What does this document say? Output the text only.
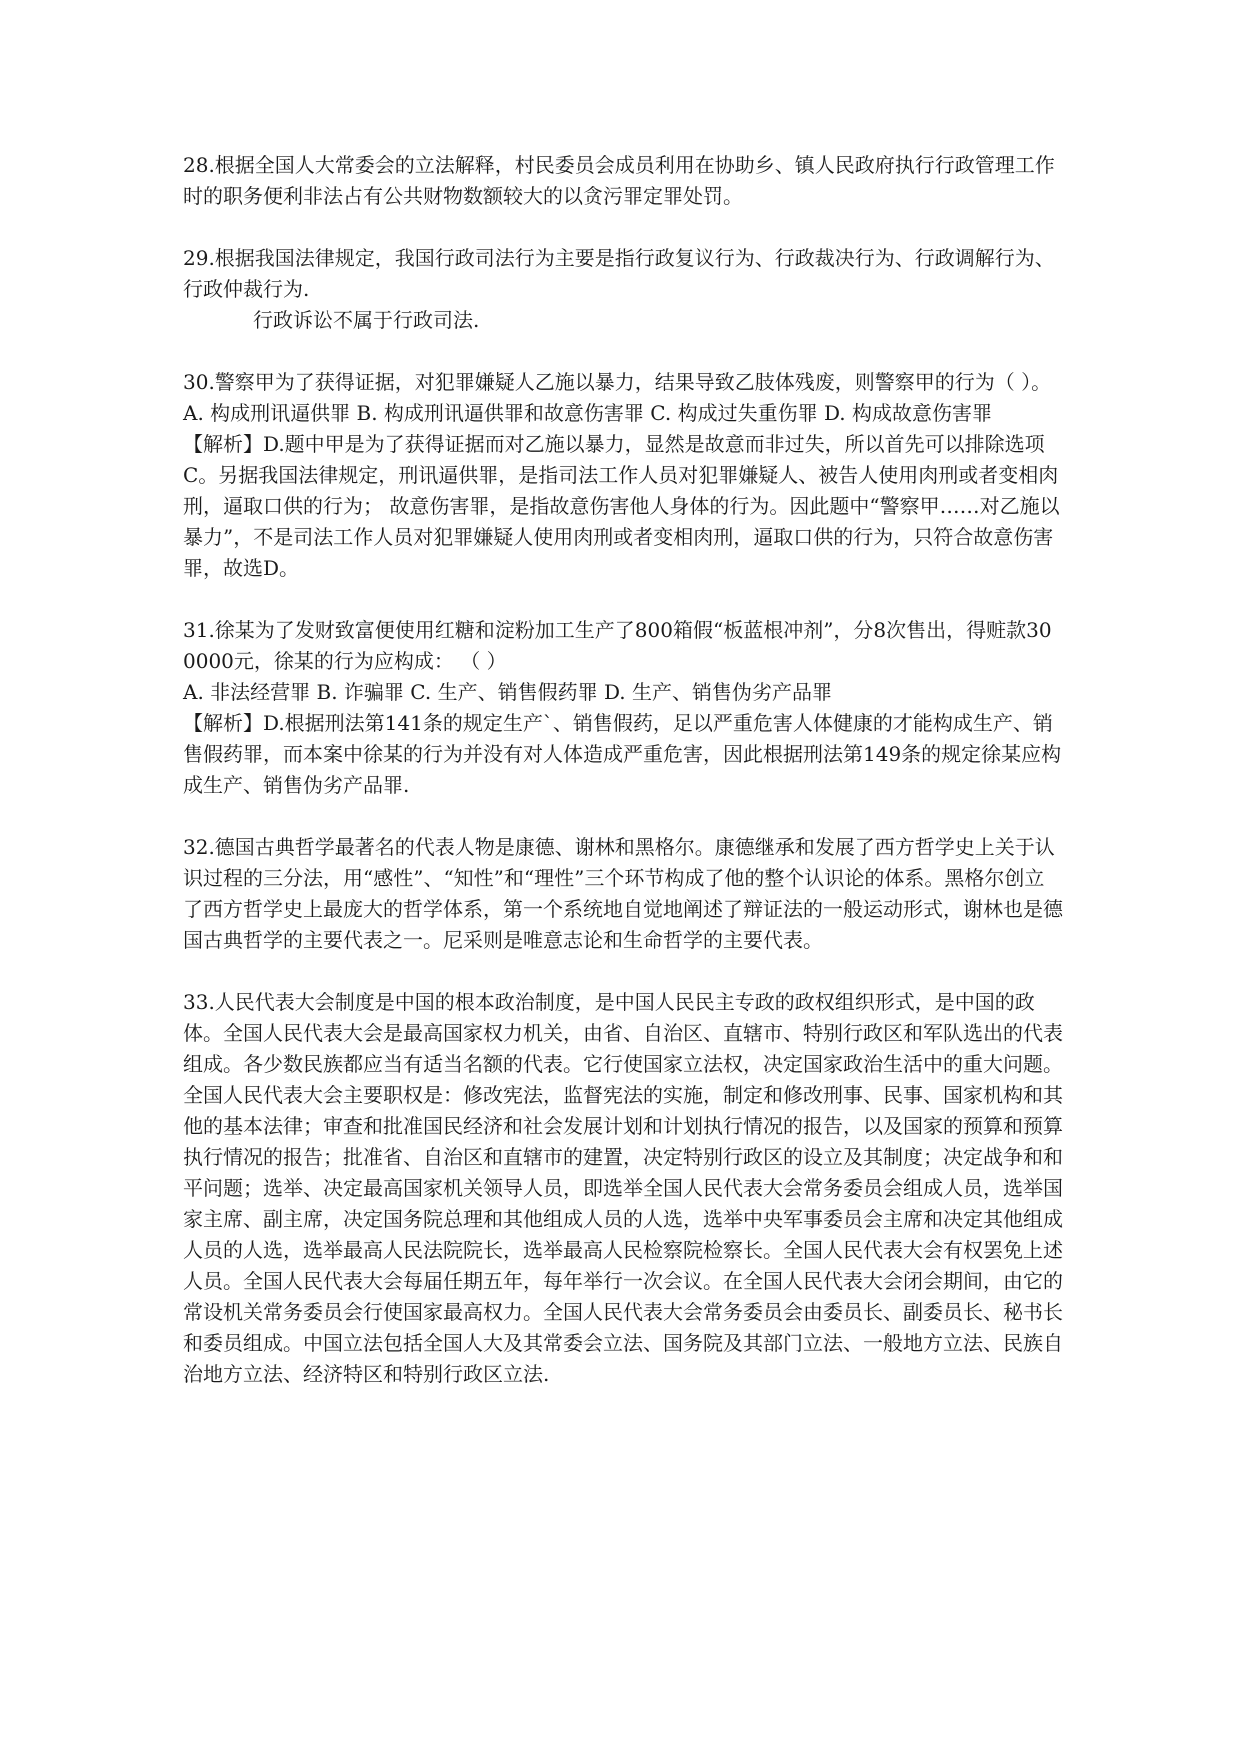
28.根据全国人大常委会的立法解释，村民委员会成员利用在协助乡、镇人民政府执行行政管理工作时的职务便利非法占有公共财物数额较大的以贪污罪定罪处罚。
29.根据我国法律规定，我国行政司法行为主要是指行政复议行为、行政裁决行为、行政调解行为、行政仲裁行为.
行政诉讼不属于行政司法.
30.警察甲为了获得证据，对犯罪嫌疑人乙施以暴力，结果导致乙肢体残废，则警察甲的行为（ ）。
A. 构成刑讯逼供罪 B. 构成刑讯逼供罪和故意伤害罪 C. 构成过失重伤罪 D. 构成故意伤害罪
【解析】D.题中甲是为了获得证据而对乙施以暴力，显然是故意而非过失，所以首先可以排除选项C。另据我国法律规定，刑讯逼供罪，是指司法工作人员对犯罪嫌疑人、被告人使用肉刑或者变相肉刑，逼取口供的行为； 故意伤害罪，是指故意伤害他人身体的行为。因此题中“警察甲……对乙施以暴力”，不是司法工作人员对犯罪嫌疑人使用肉刑或者变相肉刑，逼取口供的行为，只符合故意伤害罪，故选D。
31.徐某为了发财致富便使用红糖和淀粉加工生产了800箱假“板蓝根冲剂”，分8次售出，得赃款300000元，徐某的行为应构成： （ ）
A. 非法经营罪 B. 诈骗罪 C. 生产、销售假药罪 D. 生产、销售伪劣产品罪
【解析】D.根据刑法第141条的规定生产`、销售假药，足以严重危害人体健康的才能构成生产、销售假药罪，而本案中徐某的行为并没有对人体造成严重危害，因此根据刑法第149条的规定徐某应构成生产、销售伪劣产品罪.
32.德国古典哲学最著名的代表人物是康德、谢林和黑格尔。康德继承和发展了西方哲学史上关于认识过程的三分法，用“感性”、“知性”和“理性”三个环节构成了他的整个认识论的体系。黑格尔创立了西方哲学史上最庞大的哲学体系，第一个系统地自觉地阐述了辩证法的一般运动形式，谢林也是德国古典哲学的主要代表之一。尼采则是唯意志论和生命哲学的主要代表。
33.人民代表大会制度是中国的根本政治制度，是中国人民民主专政的政权组织形式，是中国的政体。全国人民代表大会是最高国家权力机关，由省、自治区、直辖市、特别行政区和军队选出的代表组成。各少数民族都应当有适当名额的代表。它行使国家立法权，决定国家政治生活中的重大问题。全国人民代表大会主要职权是：修改宪法，监督宪法的实施，制定和修改刑事、民事、国家机构和其他的基本法律；审查和批准国民经济和社会发展计划和计划执行情况的报告，以及国家的预算和预算执行情况的报告；批准省、自治区和直辖市的建置，决定特别行政区的设立及其制度；决定战争和和平问题；选举、决定最高国家机关领导人员，即选举全国人民代表大会常务委员会组成人员，选举国家主席、副主席，决定国务院总理和其他组成人员的人选，选举中央军事委员会主席和决定其他组成人员的人选，选举最高人民法院院长，选举最高人民检察院检察长。全国人民代表大会有权罢免上述人员。全国人民代表大会每届任期五年，每年举行一次会议。在全国人民代表大会闭会期间，由它的常设机关常务委员会行使国家最高权力。全国人民代表大会常务委员会由委员长、副委员长、秘书长和委员组成。中国立法包括全国人大及其常委会立法、国务院及其部门立法、一般地方立法、民族自治地方立法、经济特区和特别行政区立法.
